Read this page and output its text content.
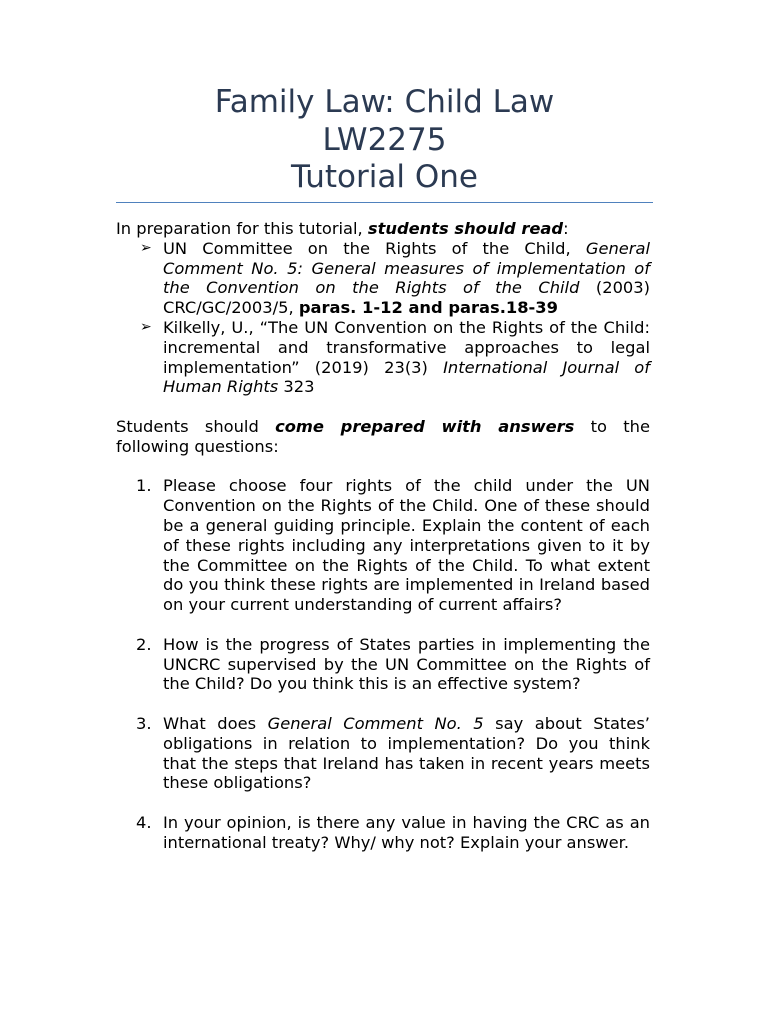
Family Law: Child Law
LW2275
Tutorial One

In preparation for this tutorial, students should read:

➢ UN Committee on the Rights of the Child, General Comment No. 5: General measures of implementation of the Convention on the Rights of the Child (2003) CRC/GC/2003/5, paras. 1-12 and paras.18-39
➢ Kilkelly, U., “The UN Convention on the Rights of the Child: incremental and transformative approaches to legal implementation” (2019) 23(3) International Journal of Human Rights 323

Students should come prepared with answers to the following questions:

1. Please choose four rights of the child under the UN Convention on the Rights of the Child. One of these should be a general guiding principle. Explain the content of each of these rights including any interpretations given to it by the Committee on the Rights of the Child. To what extent do you think these rights are implemented in Ireland based on your current understanding of current affairs?
2. How is the progress of States parties in implementing the UNCRC supervised by the UN Committee on the Rights of the Child? Do you think this is an effective system?
3. What does General Comment No. 5 say about States’ obligations in relation to implementation? Do you think that the steps that Ireland has taken in recent years meets these obligations?
4. In your opinion, is there any value in having the CRC as an international treaty? Why/ why not? Explain your answer.
